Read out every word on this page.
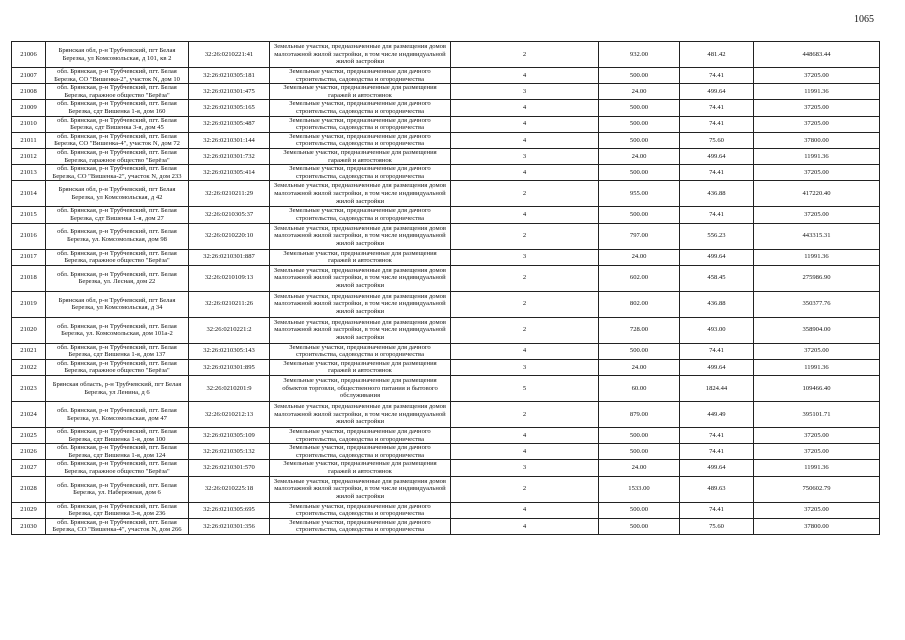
1065
21006	Брянская обл, р-н Трубчевский, пгт Белая Березка, ул Комсомольская, д 101, кв 2	32:26:0210221:41	Земельные участки, предназначенные для размещения домов малоэтажной жилой застройки, в том числе индивидуальной жилой застройки	2	932.00	481.42	448683.44
21007	обл. Брянская, р-н Трубчевский, пгт. Белая Березка, СО "Вишенка-2", участок N, дом 10	32:26:0210305:181	Земельные участки, предназначенные для дачного строительства, садоводства и огородничества	4	500.00	74.41	37205.00
21008	обл. Брянская, р-н Трубчевский, пгт. Белая Березка, гаражное общество "Берёза"	32:26:0210301:475	Земельные участки, предназначенные для размещения гаражей и автостоянок	3	24.00	499.64	11991.36
21009	обл. Брянская, р-н Трубчевский, пгт. Белая Березка, сдт Вишенка 1-я, дом 160	32:26:0210305:165	Земельные участки, предназначенные для дачного строительства, садоводства и огородничества	4	500.00	74.41	37205.00
21010	обл. Брянская, р-н Трубчевский, пгт. Белая Березка, сдт Вишенка 3-я, дом 45	32:26:0210305:487	Земельные участки, предназначенные для дачного строительства, садоводства и огородничества	4	500.00	74.41	37205.00
21011	обл. Брянская, р-н Трубчевский, пгт. Белая Березка, СО "Вишенка-4", участок N, дом 72	32:26:0210301:144	Земельные участки, предназначенные для дачного строительства, садоводства и огородничества	4	500.00	75.60	37800.00
21012	обл. Брянская, р-н Трубчевский, пгт. Белая Березка, гаражное общество "Берёза"	32:26:0210301:732	Земельные участки, предназначенные для размещения гаражей и автостоянок	3	24.00	499.64	11991.36
21013	обл. Брянская, р-н Трубчевский, пгт. Белая Березка, СО "Вишенка-2", участок N, дом 233	32:26:0210305:414	Земельные участки, предназначенные для дачного строительства, садоводства и огородничества	4	500.00	74.41	37205.00
21014	Брянская обл, р-н Трубчевский, пгт Белая Березка, ул Комсомольская, д 42	32:26:0210211:29	Земельные участки, предназначенные для размещения домов малоэтажной жилой застройки, в том числе индивидуальной жилой застройки	2	955.00	436.88	417220.40
21015	обл. Брянская, р-н Трубчевский, пгт. Белая Березка, сдт Вишенка 1-я, дом 27	32:26:0210305:37	Земельные участки, предназначенные для дачного строительства, садоводства и огородничества	4	500.00	74.41	37205.00
21016	обл. Брянская, р-н Трубчевский, пгт. Белая Березка, ул. Комсомольская, дом 98	32:26:0210220:10	Земельные участки, предназначенные для размещения домов малоэтажной жилой застройки, в том числе индивидуальной жилой застройки	2	797.00	556.23	443315.31
21017	обл. Брянская, р-н Трубчевский, пгт. Белая Березка, гаражное общество "Берёза"	32:26:0210301:887	Земельные участки, предназначенные для размещения гаражей и автостоянок	3	24.00	499.64	11991.36
21018	обл. Брянская, р-н Трубчевский, пгт. Белая Березка, ул. Лесная, дом 22	32:26:0210109:13	Земельные участки, предназначенные для размещения домов малоэтажной жилой застройки, в том числе индивидуальной жилой застройки	2	602.00	458.45	275986.90
21019	Брянская обл, р-н Трубчевский, пгт Белая Березка, ул Комсомольская, д 34	32:26:0210211:26	Земельные участки, предназначенные для размещения домов малоэтажной жилой застройки, в том числе индивидуальной жилой застройки	2	802.00	436.88	350377.76
21020	обл. Брянская, р-н Трубчевский, пгт. Белая Березка, ул. Комсомольская, дом 101а-2	32:26:0210221:2	Земельные участки, предназначенные для размещения домов малоэтажной жилой застройки, в том числе индивидуальной жилой застройки	2	728.00	493.00	358904.00
21021	обл. Брянская, р-н Трубчевский, пгт. Белая Березка, сдт Вишенка 1-я, дом 137	32:26:0210305:143	Земельные участки, предназначенные для дачного строительства, садоводства и огородничества	4	500.00	74.41	37205.00
21022	обл. Брянская, р-н Трубчевский, пгт. Белая Березка, гаражное общество "Берёза"	32:26:0210301:895	Земельные участки, предназначенные для размещения гаражей и автостоянок	3	24.00	499.64	11991.36
21023	Брянская область, р-н Трубчевский, пгт Белая Березка, ул Ленина, д 6	32:26:0210201:9	Земельные участки, предназначенные для размещения объектов торговли, общественного питания и бытового обслуживания	5	60.00	1824.44	109466.40
21024	обл. Брянская, р-н Трубчевский, пгт. Белая Березка, ул. Комсомольская, дом 47	32:26:0210212:13	Земельные участки, предназначенные для размещения домов малоэтажной жилой застройки, в том числе индивидуальной жилой застройки	2	879.00	449.49	395101.71
21025	обл. Брянская, р-н Трубчевский, пгт. Белая Березка, сдт Вишенка 1-я, дом 100	32:26:0210305:109	Земельные участки, предназначенные для дачного строительства, садоводства и огородничества	4	500.00	74.41	37205.00
21026	обл. Брянская, р-н Трубчевский, пгт. Белая Березка, сдт Вишенка 1-я, дом 124	32:26:0210305:132	Земельные участки, предназначенные для дачного строительства, садоводства и огородничества	4	500.00	74.41	37205.00
21027	обл. Брянская, р-н Трубчевский, пгт. Белая Березка, гаражное общество "Берёза"	32:26:0210301:570	Земельные участки, предназначенные для размещения гаражей и автостоянок	3	24.00	499.64	11991.36
21028	обл. Брянская, р-н Трубчевский, пгт. Белая Березка, ул. Набережная, дом 6	32:26:0210225:18	Земельные участки, предназначенные для размещения домов малоэтажной жилой застройки, в том числе индивидуальной жилой застройки	2	1533.00	489.63	750602.79
21029	обл. Брянская, р-н Трубчевский, пгт. Белая Березка, сдт Вишенка 3-я, дом 236	32:26:0210305:695	Земельные участки, предназначенные для дачного строительства, садоводства и огородничества	4	500.00	74.41	37205.00
21030	обл. Брянская, р-н Трубчевский, пгт. Белая Березка, СО "Вишенка-4", участок N, дом 266	32:26:0210301:356	Земельные участки, предназначенные для дачного строительства, садоводства и огородничества	4	500.00	75.60	37800.00
